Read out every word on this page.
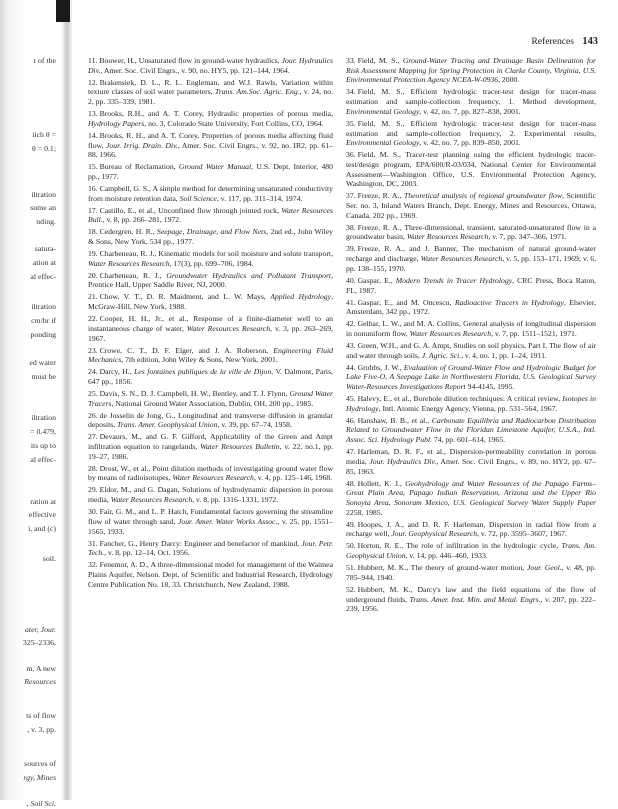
References 143
r of the
iich θ =
θ = 0.1;
iltration
sume an
nding.
satura-
ation at
al effec-
iltration
cm/hr if
ponding
ed water
must be
iltration
= 0.479,
its up to
al effec-
ration at
effective
i, and (c)
soil.
ater, Jour.
325–2336,
m, A new
Resources
ts of flow
, v. 3, pp.
sources of
rgy, Mines
, Soil Sci.

11. Bouwer, H., Unsaturated flow in ground-water hydraulics, Jour. Hydraulics Div., Amer. Soc. Civil Engrs., v. 90, no. HY5, pp. 121–144, 1964.

12. Brakensiek, D. L., R. L. Engleman, and W.J. Rawls, Variation within texture classes of soil water parameters, Trans. Am.Soc. Agric. Eng., v. 24, no. 2, pp. 335–339, 1981.

13. Brooks, R.H., and A. T. Corey, Hydraulic properties of porous media, Hydrology Papers, no. 3, Colorado State University, Fort Collins, CO, 1964.

14. Brooks, R. H., and A. T. Corey, Properties of porous media affecting fluid flow, Jour. Irrig. Drain. Div., Amer. Soc. Civil Engrs., v. 92, no. IR2, pp. 61–88, 1966.

15. Bureau of Reclamation, Ground Water Manual, U.S. Dept. Interior, 480 pp., 1977.

16. Campbell, G. S., A simple method for determining unsaturated conductivity from moisture retention data, Soil Science, v. 117, pp. 311–314, 1974.

17. Castillo, E., et al., Unconfined flow through jointed rock, Water Resources Bull., v. 8, pp. 266–281, 1972.

18. Cedergren, H. R., Seepage, Drainage, and Flow Nets, 2nd ed., John Wiley & Sons, New York, 534 pp., 1977.

19. Charbeneau, R. J., Kinematic models for soil moisture and solute transport, Water Resources Research, 17(3), pp. 699–706, 1984.

20. Charbeneau, R. J., Groundwater Hydraulics and Pollutant Transport, Prentice Hall, Upper Saddle River, NJ, 2000.

21. Chow, V. T., D. R. Maidment, and L. W. Mays, Applied Hydrology, McGraw-Hill, New York, 1988.

22. Cooper, H. H., Jr., et al., Response of a finite-diameter well to an instantaneous charge of water, Water Resources Research, v. 3, pp. 263–269, 1967.

23. Crowe, C. T., D. F. Elger, and J. A. Roberson, Engineering Fluid Mechanics, 7th edition, John Wiley & Sons, New York, 2001.

24. Darcy, H., Les fontaines publiques de la ville de Dijon, V. Dalmont, Paris, 647 pp., 1856.

25. Davis, S. N., D. J. Campbell, H. W., Bentley, and T. J. Flynn, Ground Water Tracers, National Ground Water Association, Dublin, OH, 200 pp., 1985.

26. de Josselin de Jong, G., Longitudinal and transverse diffusion in granular deposits, Trans. Amer. Geophysical Union, v. 39, pp. 67–74, 1958.

27. Devaurs, M., and G. F. Gifford, Applicability of the Green and Ampt infiltration equation to rangelands, Water Resources Bulletin, v. 22, no.1, pp. 19–27, 1986.

28. Drost, W., et al., Point dilution methods of investigating ground water flow by means of radioisotopes, Water Resources Research, v. 4, pp. 125–146, 1968.

29. Eldor, M., and G. Dagan, Solutions of hydrodynamic dispersion in porous media, Water Resources Research, v. 8, pp. 1316–1331, 1972.

30. Fair, G. M., and L. P. Hatch, Fundamental factors governing the streamline flow of water through sand, Jour. Amer. Water Works Assoc., v. 25, pp. 1551–1565, 1933.

31. Fancher, G., Henry Darcy: Engineer and benefactor of mankind, Jour. Petr. Tech., v. 8, pp. 12–14, Oct. 1956.

32. Fenemor, A. D., A three-dimensional model for management of the Waimea Plains Aquifer, Nelson. Dept. of Scientific and Industrial Research, Hydrology Centre Publication No. 18, 33. Christchurch, New Zealand, 1988.

33. Field, M. S., Ground-Water Tracing and Drainage Basin Delineation for Risk Assessment Mapping for Spring Protection in Clarke County, Virginia, U.S. Environmental Protection Agency NCEA-W-0936, 2000.

34. Field, M. S., Efficient hydrologic tracer-test design for tracer-mass estimation and sample-collection frequency, 1. Method development, Environmental Geology, v. 42, no. 7, pp. 827–838, 2001.

35. Field, M. S., Efficient hydrologic tracer-test design for tracer-mass estimation and sample-collection frequency, 2. Experimental results, Environmental Geology, v. 42, no. 7, pp. 839–850, 2001.

36. Field, M. S., Tracer-test planning using the efficient hydrologic tracer-test/design program, EPA/600/R-03/034, National Center for Environmental Assessment—Washington Office, U.S. Environmental Protection Agency, Washington, DC, 2003.

37. Freeze, R. A., Theoretical analysis of regional groundwater flow, Scientific Ser. no. 3, Inland Waters Branch, Dept. Energy, Mines and Resources, Ottawa, Canada, 202 pp., 1969.

38. Freeze, R. A., Three-dimensional, transient, saturated-unsaturated flow in a groundwater basin, Water Resources Research, v. 7, pp. 347–366, 1971.

39. Freeze, R. A., and J. Banner, The mechanism of natural ground-water recharge and discharge, Water Resources Research, v. 5, pp. 153–171, 1969; v. 6, pp. 138–155, 1970.

40. Gaspar, E., Modern Trends in Tracer Hydrology, CRC Press, Boca Raton, FL, 1987.

41. Gaspar, E., and M. Oncescu, Radioactive Tracers in Hydrology, Elsevier, Amsterdam, 342 pp., 1972.

42. Gelhar, L. W., and M. A. Collins, General analysis of longitudinal dispersion in nonuniform flow, Water Resources Research, v. 7, pp. 1511–1521, 1971.

43. Green, W.H., and G. A. Ampt, Studies on soil physics, Part I, The flow of air and water through soils, J. Agric. Sci., v. 4, no. 1, pp. 1–24, 1911.

44. Grubbs, J. W., Evaluation of Ground-Water Flow and Hydrologic Budget for Lake Five-O, A Seepage Lake in Northwestern Florida, U.S. Geological Survey Water-Resources Investigations Report 94-4145, 1995.

45. Halevy, E., et al., Borehole dilution techniques: A critical review, Isotopes in Hydrology, Intl. Atomic Energy Agency, Vienna, pp. 531–564, 1967.

46. Hanshaw, B. B., et al., Carbonate Equilibria and Radiocarbon Distribution Related to Groundwater Flow in the Floridan Limestone Aquifer, U.S.A., Intl. Assoc. Sci. Hydrology Publ. 74, pp. 601–614, 1965.

47. Harleman, D. R. F., et al., Dispersion-permeability correlation in porous media, Jour. Hydraulics Div., Amer. Soc. Civil Engrs., v. 89, no. HY2, pp. 67–85, 1963.

48. Hollett, K. J., Geohydrology and Water Resources of the Papago Farms–Great Plain Area, Papago Indian Reservation, Arizona and the Upper Rio Sonoyta Area, Sonoram Mexico, U.S. Geological Survey Water Supply Paper 2258, 1985.

49. Hoopes, J. A., and D. R. F. Harleman, Dispersion in radial flow from a recharge well, Jour. Geophysical Research, v. 72, pp. 3595–3607, 1967.

50. Horton, R. E., The role of infiltration in the hydrologic cycle, Trans. Am. Geophysical Union, v. 14, pp. 446–460, 1933.

51. Hubbert, M. K., The theory of ground-water motion, Jour. Geol., v. 48, pp. 785–944, 1940.

52. Hubbert, M. K., Darcy's law and the field equations of the flow of underground fluids, Trans. Amer. Inst. Min. and Metal. Engrs., v. 207, pp. 222–239, 1956.
